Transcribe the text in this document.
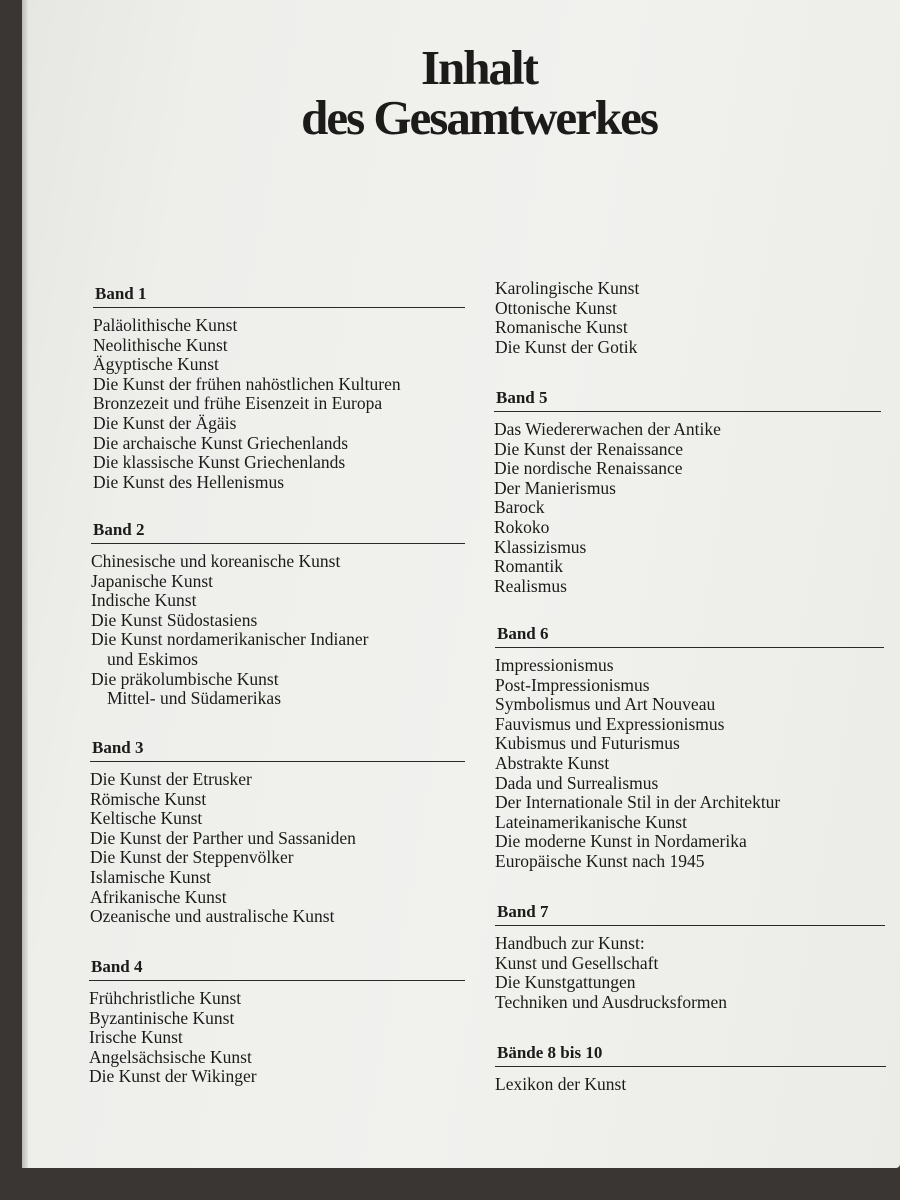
Inhalt
des Gesamtwerkes
Band 1
Paläolithische Kunst
Neolithische Kunst
Ägyptische Kunst
Die Kunst der frühen nahöstlichen Kulturen
Bronzezeit und frühe Eisenzeit in Europa
Die Kunst der Ägäis
Die archaische Kunst Griechenlands
Die klassische Kunst Griechenlands
Die Kunst des Hellenismus
Band 2
Chinesische und koreanische Kunst
Japanische Kunst
Indische Kunst
Die Kunst Südostasiens
Die Kunst nordamerikanischer Indianer
und Eskimos
Die präkolumbische Kunst
Mittel- und Südamerikas
Band 3
Die Kunst der Etrusker
Römische Kunst
Keltische Kunst
Die Kunst der Parther und Sassaniden
Die Kunst der Steppenvölker
Islamische Kunst
Afrikanische Kunst
Ozeanische und australische Kunst
Band 4
Frühchristliche Kunst
Byzantinische Kunst
Irische Kunst
Angelsächsische Kunst
Die Kunst der Wikinger
Karolingische Kunst
Ottonische Kunst
Romanische Kunst
Die Kunst der Gotik
Band 5
Das Wiedererwachen der Antike
Die Kunst der Renaissance
Die nordische Renaissance
Der Manierismus
Barock
Rokoko
Klassizismus
Romantik
Realismus
Band 6
Impressionismus
Post-Impressionismus
Symbolismus und Art Nouveau
Fauvismus und Expressionismus
Kubismus und Futurismus
Abstrakte Kunst
Dada und Surrealismus
Der Internationale Stil in der Architektur
Lateinamerikanische Kunst
Die moderne Kunst in Nordamerika
Europäische Kunst nach 1945
Band 7
Handbuch zur Kunst:
Kunst und Gesellschaft
Die Kunstgattungen
Techniken und Ausdrucksformen
Bände 8 bis 10
Lexikon der Kunst
